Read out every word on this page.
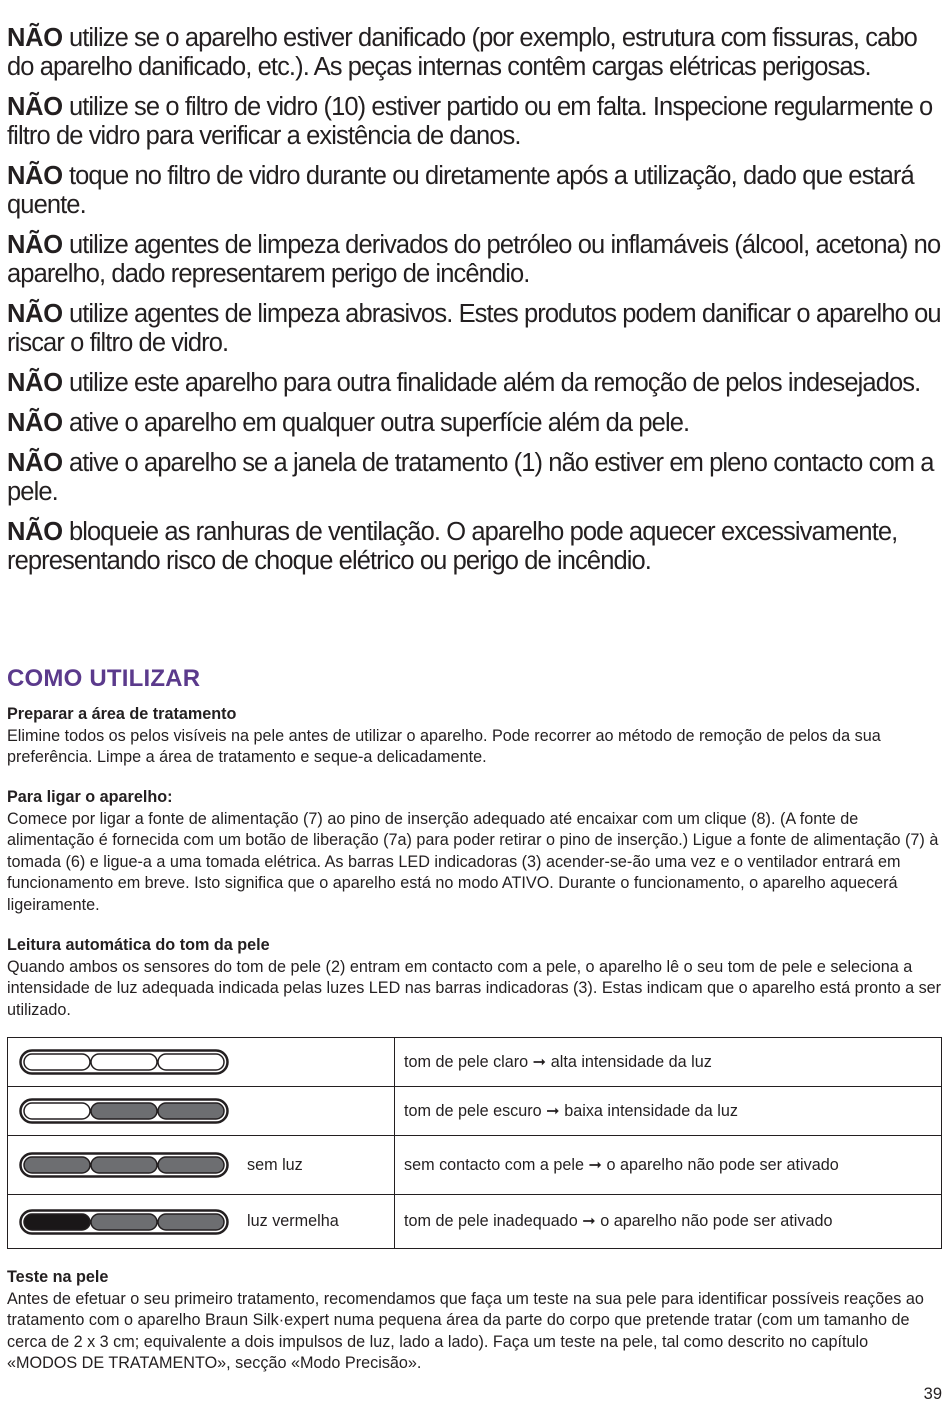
NÃO utilize se o aparelho estiver danificado (por exemplo, estrutura com fissuras, cabo do aparelho danificado, etc.). As peças internas contêm cargas elétricas perigosas.

NÃO utilize se o filtro de vidro (10) estiver partido ou em falta. Inspecione regularmente o filtro de vidro para verificar a existência de danos.

NÃO toque no filtro de vidro durante ou diretamente após a utilização, dado que estará quente.

NÃO utilize agentes de limpeza derivados do petróleo ou inflamáveis (álcool, acetona) no aparelho, dado representarem perigo de incêndio.

NÃO utilize agentes de limpeza abrasivos. Estes produtos podem danificar o aparelho ou riscar o filtro de vidro.

NÃO utilize este aparelho para outra finalidade além da remoção de pelos indesejados.

NÃO ative o aparelho em qualquer outra superfície além da pele.

NÃO ative o aparelho se a janela de tratamento (1) não estiver em pleno contacto com a pele.

NÃO bloqueie as ranhuras de ventilação. O aparelho pode aquecer excessivamente, representando risco de choque elétrico ou perigo de incêndio.

COMO UTILIZAR
Preparar a área de tratamento
Elimine todos os pelos visíveis na pele antes de utilizar o aparelho. Pode recorrer ao método de remoção de pelos da sua preferência. Limpe a área de tratamento e seque-a delicadamente.
Para ligar o aparelho:
Comece por ligar a fonte de alimentação (7) ao pino de inserção adequado até encaixar com um clique (8). (A fonte de alimentação é fornecida com um botão de liberação (7a) para poder retirar o pino de inserção.) Ligue a fonte de alimentação (7) à tomada (6) e ligue-a a uma tomada elétrica. As barras LED indicadoras (3) acender-se-ão uma vez e o ventilador entrará em funcionamento em breve. Isto significa que o aparelho está no modo ATIVO. Durante o funcionamento, o aparelho aquecerá ligeiramente.
Leitura automática do tom da pele
Quando ambos os sensores do tom de pele (2) entram em contacto com a pele, o aparelho lê o seu tom de pele e seleciona a intensidade de luz adequada indicada pelas luzes LED nas barras indicadoras (3). Estas indicam que o aparelho está pronto a ser utilizado.
	tom de pele claro ➞ alta intensidade da luz

	tom de pele escuro ➞ baixa intensidade da luz

sem luz	sem contacto com a pele ➞ o aparelho não pode ser ativado

luz vermelha	tom de pele inadequado ➞ o aparelho não pode ser ativado
Teste na pele
Antes de efetuar o seu primeiro tratamento, recomendamos que faça um teste na sua pele para identificar possíveis reações ao tratamento com o aparelho Braun Silk·expert numa pequena área da parte do corpo que pretende tratar (com um tamanho de cerca de 2 x 3 cm; equivalente a dois impulsos de luz, lado a lado). Faça um teste na pele, tal como descrito no capítulo «MODOS DE TRATAMENTO», secção «Modo Precisão».
39
